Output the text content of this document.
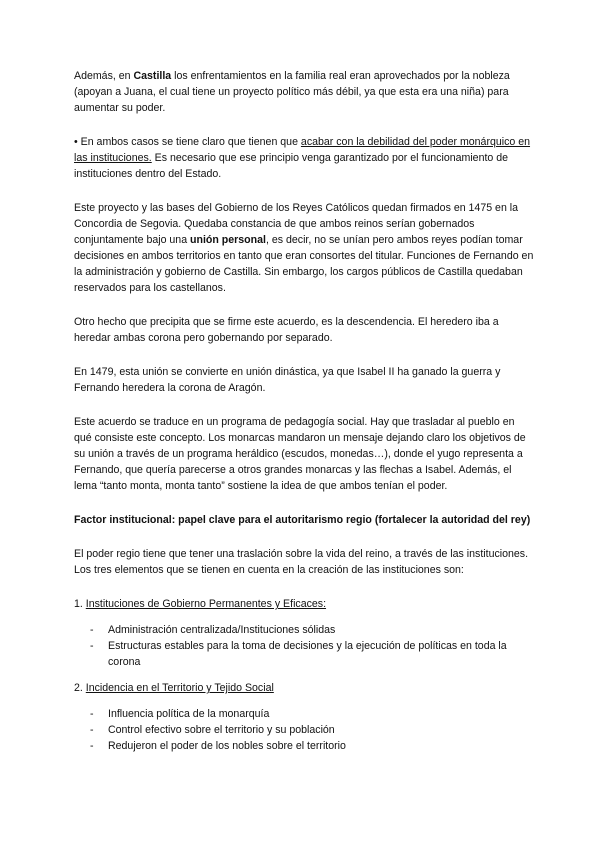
Además, en Castilla los enfrentamientos en la familia real eran aprovechados por la nobleza (apoyan a Juana, el cual tiene un proyecto político más débil, ya que esta era una niña) para aumentar su poder.

• En ambos casos se tiene claro que tienen que acabar con la debilidad del poder monárquico en las instituciones. Es necesario que ese principio venga garantizado por el funcionamiento de instituciones dentro del Estado.

Este proyecto y las bases del Gobierno de los Reyes Católicos quedan firmados en 1475 en la Concordia de Segovia. Quedaba constancia de que ambos reinos serían gobernados conjuntamente bajo una unión personal, es decir, no se unían pero ambos reyes podían tomar decisiones en ambos territorios en tanto que eran consortes del titular. Funciones de Fernando en la administración y gobierno de Castilla. Sin embargo, los cargos públicos de Castilla quedaban reservados para los castellanos.

Otro hecho que precipita que se firme este acuerdo, es la descendencia. El heredero iba a heredar ambas corona pero gobernando por separado.

En 1479, esta unión se convierte en unión dinástica, ya que Isabel II ha ganado la guerra y Fernando heredera la corona de Aragón.

Este acuerdo se traduce en un programa de pedagogía social. Hay que trasladar al pueblo en qué consiste este concepto. Los monarcas mandaron un mensaje dejando claro los objetivos de su unión a través de un programa heráldico (escudos, monedas…), donde el yugo representa a Fernando, que quería parecerse a otros grandes monarcas y las flechas a Isabel. Además, el lema “tanto monta, monta tanto” sostiene la idea de que ambos tenían el poder.

Factor institucional: papel clave para el autoritarismo regio (fortalecer la autoridad del rey)

El poder regio tiene que tener una traslación sobre la vida del reino, a través de las instituciones. Los tres elementos que se tienen en cuenta en la creación de las instituciones son:

1. Instituciones de Gobierno Permanentes y Eficaces:

- Administración centralizada/Instituciones sólidas
- Estructuras estables para la toma de decisiones y la ejecución de políticas en toda la corona

2. Incidencia en el Territorio y Tejido Social

- Influencia política de la monarquía
- Control efectivo sobre el territorio y su población
- Redujeron el poder de los nobles sobre el territorio
